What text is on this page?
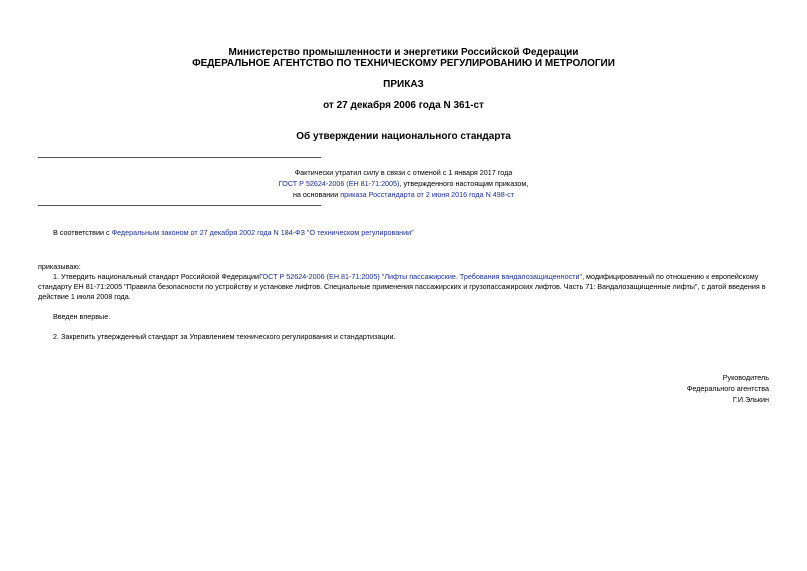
Министерство промышленности и энергетики Российской Федерации
ФЕДЕРАЛЬНОЕ АГЕНТСТВО ПО ТЕХНИЧЕСКОМУ РЕГУЛИРОВАНИЮ И МЕТРОЛОГИИ
ПРИКАЗ
от 27 декабря 2006 года N 361-ст
Об утверждении национального стандарта
Фактически утратил силу в связи с отменой с 1 января 2017 года
ГОСТ Р 52624-2006 (ЕН 81-71:2005), утвержденного настоящим приказом,
на основании приказа Росстандарта от 2 июня 2016 года N 498-ст
В соответствии с Федеральным законом от 27 декабря 2002 года N 184-ФЗ "О техническом регулировании"
приказываю:
1. Утвердить национальный стандарт Российской ФедерацииГОСТ Р 52624-2006 (ЕН 81-71:2005) "Лифты пассажирские. Требования вандалозащищенности", модифицированный по отношению к европейскому
стандарту ЕН 81-71:2005 "Правила безопасности по устройству и установке лифтов. Специальные применения пассажирских и грузопассажирских лифтов. Часть 71: Вандалозащищенные лифты", с датой введения в
действие 1 июля 2008 года.
Введен впервые.
2. Закрепить утвержденный стандарт за Управлением технического регулирования и стандартизации.
Руководитель
Федерального агентства
Г.И.Элькин
